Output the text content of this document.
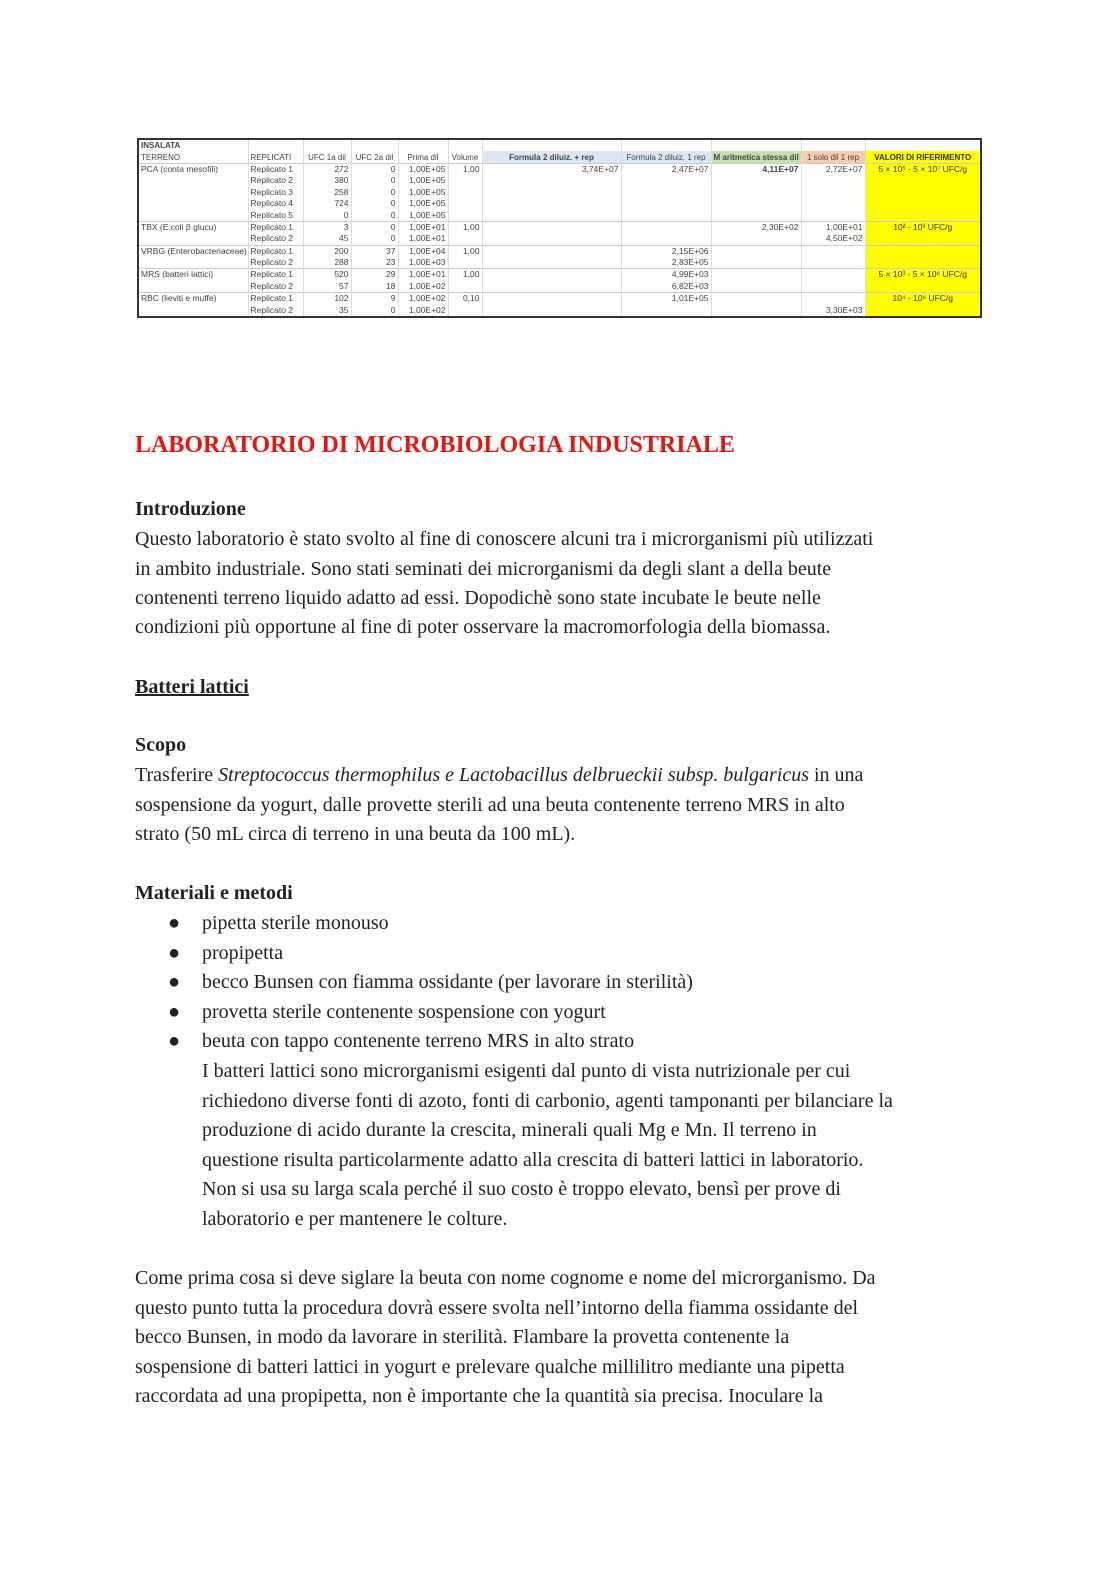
INSALATA										
TERRENO	REPLICATI	UFC 1a dil	UFC 2a dil	Prima dil	Volume	Formula 2 diluiz. + rep	Formula 2 diluiz. 1 rep	M aritmetica stessa dil	1 solo dil 1 rep	VALORI DI RIFERIMENTO
PCA (conta mesofili)	Replicato 1	272	0	1,00E+05	1,00	3,74E+07	2,47E+07	4,11E+07	2,72E+07	5 × 10⁵ - 5 × 10⁷ UFC/g
	Replicato 2	380	0	1,00E+05						
	Replicato 3	258	0	1,00E+05						
	Replicato 4	724	0	1,00E+05						
	Replicato 5	0	0	1,00E+05						
TBX (E.coli β glucu)	Replicato 1	3	0	1,00E+01	1,00			2,30E+02	1,00E+01	10² - 10³ UFC/g
	Replicato 2	45	0	1,00E+01					4,50E+02	
VRBG (Enterobacteriaceae)	Replicato 1	200	37	1,00E+04	1,00		2,15E+06			
	Replicato 2	288	23	1,00E+03			2,83E+05			
MRS (batteri lattici)	Replicato 1	520	29	1,00E+01	1,00		4,99E+03			5 × 10³ - 5 × 10⁶ UFC/g
	Replicato 2	57	18	1,00E+02			6,82E+03			
RBC (lieviti e muffe)	Replicato 1	102	9	1,00E+02	0,10		1,01E+05			10⁴ - 10⁶ UFC/g
	Replicato 2	35	0	1,00E+02					3,30E+03	
LABORATORIO DI MICROBIOLOGIA INDUSTRIALE
Introduzione
Questo laboratorio è stato svolto al fine di conoscere alcuni tra i microrganismi più utilizzati
in ambito industriale. Sono stati seminati dei microrganismi da degli slant a della beute
contenenti terreno liquido adatto ad essi. Dopodichè sono state incubate le beute nelle
condizioni più opportune al fine di poter osservare la macromorfologia della biomassa.
Batteri lattici
Scopo
Trasferire Streptococcus thermophilus e Lactobacillus delbrueckii subsp. bulgaricus in una
sospensione da yogurt, dalle provette sterili ad una beuta contenente terreno MRS in alto
strato (50 mL circa di terreno in una beuta da 100 mL).
Materiali e metodi
● pipetta sterile monouso
● propipetta
● becco Bunsen con fiamma ossidante (per lavorare in sterilità)
● provetta sterile contenente sospensione con yogurt
● beuta con tappo contenente terreno MRS in alto strato
I batteri lattici sono microrganismi esigenti dal punto di vista nutrizionale per cui
richiedono diverse fonti di azoto, fonti di carbonio, agenti tamponanti per bilanciare la
produzione di acido durante la crescita, minerali quali Mg e Mn. Il terreno in
questione risulta particolarmente adatto alla crescita di batteri lattici in laboratorio.
Non si usa su larga scala perché il suo costo è troppo elevato, bensì per prove di
laboratorio e per mantenere le colture.
Come prima cosa si deve siglare la beuta con nome cognome e nome del microrganismo. Da
questo punto tutta la procedura dovrà essere svolta nell’intorno della fiamma ossidante del
becco Bunsen, in modo da lavorare in sterilità. Flambare la provetta contenente la
sospensione di batteri lattici in yogurt e prelevare qualche millilitro mediante una pipetta
raccordata ad una propipetta, non è importante che la quantità sia precisa. Inoculare la
